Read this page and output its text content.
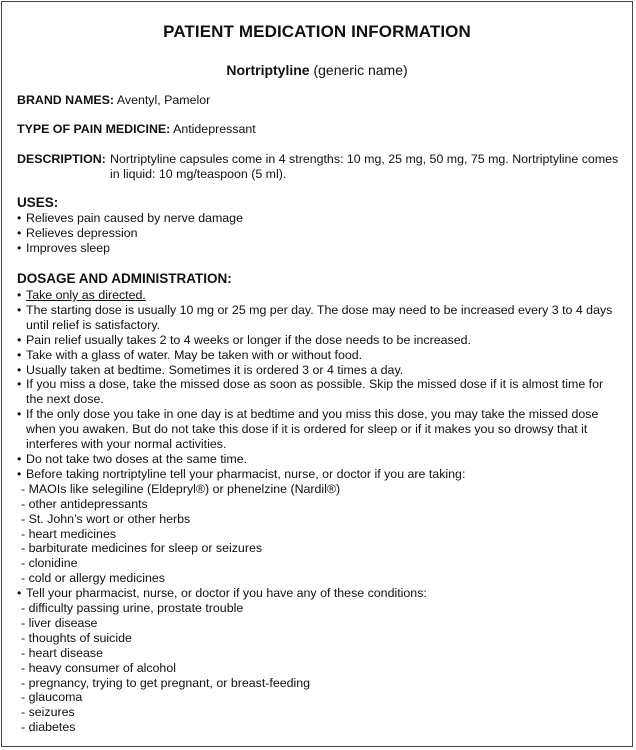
PATIENT MEDICATION INFORMATION
Nortriptyline (generic name)
BRAND NAMES: Aventyl, Pamelor
TYPE OF PAIN MEDICINE: Antidepressant
DESCRIPTION: Nortriptyline capsules come in 4 strengths: 10 mg, 25 mg, 50 mg, 75 mg. Nortriptyline comes in liquid: 10 mg/teaspoon (5 ml).
USES:
• Relieves pain caused by nerve damage
• Relieves depression
• Improves sleep
DOSAGE AND ADMINISTRATION:
• Take only as directed.
• The starting dose is usually 10 mg or 25 mg per day. The dose may need to be increased every 3 to 4 days until relief is satisfactory.
• Pain relief usually takes 2 to 4 weeks or longer if the dose needs to be increased.
• Take with a glass of water. May be taken with or without food.
• Usually taken at bedtime. Sometimes it is ordered 3 or 4 times a day.
• If you miss a dose, take the missed dose as soon as possible. Skip the missed dose if it is almost time for the next dose.
• If the only dose you take in one day is at bedtime and you miss this dose, you may take the missed dose when you awaken. But do not take this dose if it is ordered for sleep or if it makes you so drowsy that it interferes with your normal activities.
• Do not take two doses at the same time.
• Before taking nortriptyline tell your pharmacist, nurse, or doctor if you are taking:
- MAOIs like selegiline (Eldepryl®) or phenelzine (Nardil®)
- other antidepressants
- St. John’s wort or other herbs
- heart medicines
- barbiturate medicines for sleep or seizures
- clonidine
- cold or allergy medicines
• Tell your pharmacist, nurse, or doctor if you have any of these conditions:
- difficulty passing urine, prostate trouble
- liver disease
- thoughts of suicide
- heart disease
- heavy consumer of alcohol
- pregnancy, trying to get pregnant, or breast-feeding
- glaucoma
- seizures
- diabetes
